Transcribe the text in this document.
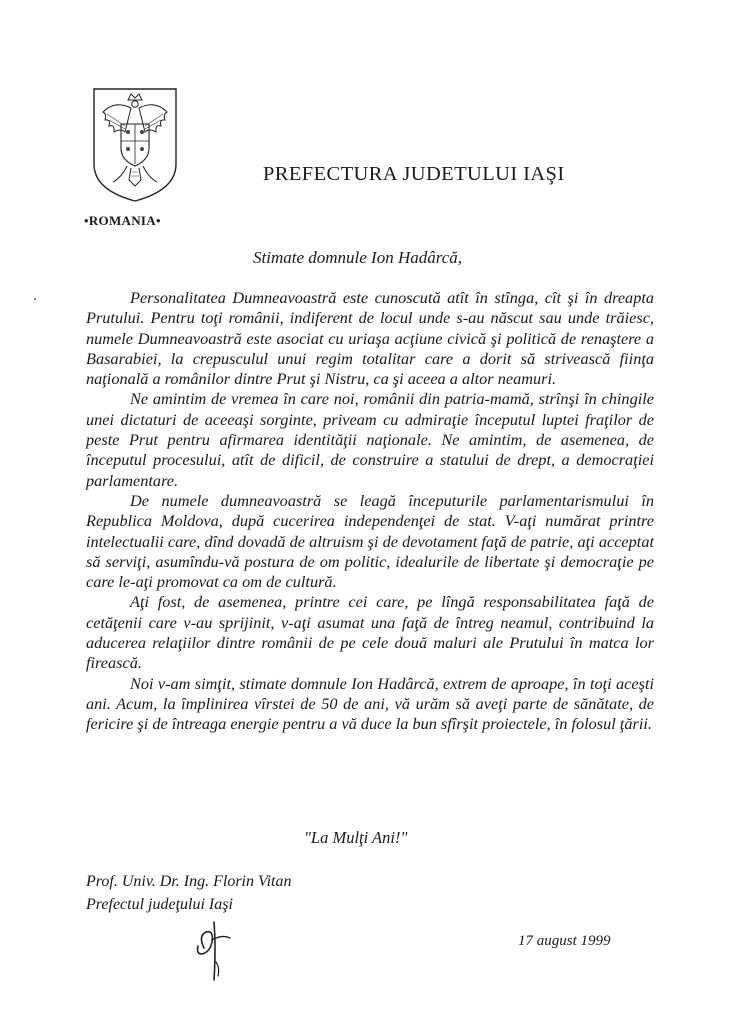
•ROMANIA•
PREFECTURA JUDETULUI IAŞI
Stimate domnule Ion Hadârcă,

Personalitatea Dumneavoastră este cunoscută atît în stînga, cît şi în dreapta Prutului. Pentru toţi românii, indiferent de locul unde s-au născut sau unde trăiesc, numele Dumneavoastră este asociat cu uriaşa acţiune civică şi politică de renaştere a Basarabiei, la crepusculul unui regim totalitar care a dorit să strivească fiinţa naţională a românilor dintre Prut şi Nistru, ca şi aceea a altor neamuri.

Ne amintim de vremea în care noi, românii din patria-mamă, strînşi în chingile unei dictaturi de aceeaşi sorginte, priveam cu admiraţie începutul luptei fraţilor de peste Prut pentru afirmarea identităţii naţionale. Ne amintim, de asemenea, de începutul procesului, atît de dificil, de construire a statului de drept, a democraţiei parlamentare.

De numele dumneavoastră se leagă începuturile parlamentarismului în Republica Moldova, după cucerirea independenţei de stat. V-aţi numărat printre intelectualii care, dînd dovadă de altruism şi de devotament faţă de patrie, aţi acceptat să serviţi, asumîndu-vă postura de om politic, idealurile de libertate şi democraţie pe care le-aţi promovat ca om de cultură.

Aţi fost, de asemenea, printre cei care, pe lîngă responsabilitatea faţă de cetăţenii care v-au sprijinit, v-aţi asumat una faţă de întreg neamul, contribuind la aducerea relaţiilor dintre românii de pe cele două maluri ale Prutului în matca lor firească.

Noi v-am simţit, stimate domnule Ion Hadârcă, extrem de aproape, în toţi aceşti ani. Acum, la împlinirea vîrstei de 50 de ani, vă urăm să aveţi parte de sănătate, de fericire şi de întreaga energie pentru a vă duce la bun sfîrşit proiectele, în folosul ţării.

"La Mulţi Ani!"
Prof. Univ. Dr. Ing. Florin Vitan
Prefectul judeţului Iaşi
17 august 1999
